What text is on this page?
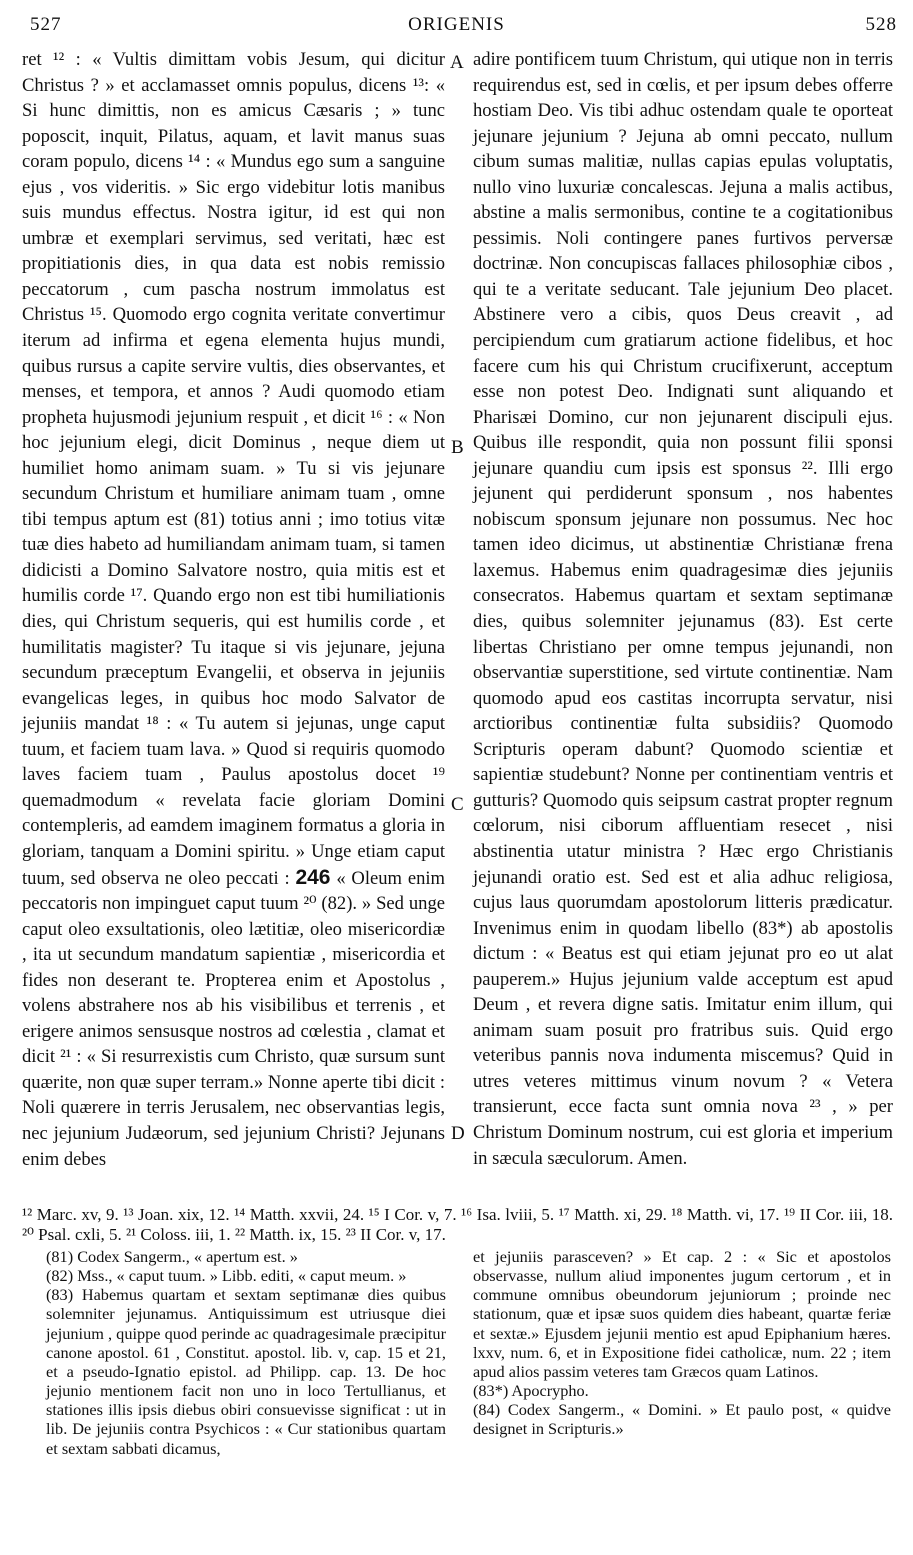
527	ORIGENIS	528

ret ¹² : « Vultis dimittam vobis Jesum, qui dicitur Christus ? » et acclamasset omnis populus, dicens ¹³: « Si hunc dimittis, non es amicus Cæsaris ; » tunc poposcit, inquit, Pilatus, aquam, et lavit manus suas coram populo, dicens ¹⁴ : « Mundus ego sum a sanguine ejus , vos videritis. » Sic ergo videbitur lotis manibus suis mundus effectus. Nostra igitur, id est qui non umbræ et exemplari servimus, sed veritati, hæc est propitiationis dies, in qua data est nobis remissio peccatorum , cum pascha nostrum immolatus est Christus ¹⁵. Quomodo ergo cognita veritate convertimur iterum ad infirma et egena elementa hujus mundi, quibus rursus a capite servire vultis, dies observantes, et menses, et tempora, et annos ? Audi quomodo etiam propheta hujusmodi jejunium respuit , et dicit ¹⁶ : « Non hoc jejunium elegi, dicit Dominus , neque diem ut humiliet homo animam suam. » Tu si vis jejunare secundum Christum et humiliare animam tuam , omne tibi tempus aptum est (81) totius anni ; imo totius vitæ tuæ dies habeto ad humiliandam animam tuam, si tamen didicisti a Domino Salvatore nostro, quia mitis est et humilis corde ¹⁷. Quando ergo non est tibi humiliationis dies, qui Christum sequeris, qui est humilis corde , et humilitatis magister? Tu itaque si vis jejunare, jejuna secundum præceptum Evangelii, et observa in jejuniis evangelicas leges, in quibus hoc modo Salvator de jejuniis mandat ¹⁸ : « Tu autem si jejunas, unge caput tuum, et faciem tuam lava. » Quod si requiris quomodo laves faciem tuam , Paulus apostolus docet ¹⁹ quemadmodum « revelata facie gloriam Domini contempleris, ad eamdem imaginem formatus a gloria in gloriam, tanquam a Domini spiritu. » Unge etiam caput tuum, sed observa ne oleo peccati : 246 « Oleum enim peccatoris non impinguet caput tuum ²⁰ (82). » Sed unge caput oleo exsultationis, oleo lætitiæ, oleo misericordiæ , ita ut secundum mandatum sapientiæ , misericordia et fides non deserant te. Propterea enim et Apostolus , volens abstrahere nos ab his visibilibus et terrenis , et erigere animos sensusque nostros ad cœlestia , clamat et dicit ²¹ : « Si resurrexistis cum Christo, quæ sursum sunt quærite, non quæ super terram.» Nonne aperte tibi dicit : Noli quærere in terris Jerusalem, nec observantias legis, nec jejunium Judæorum, sed jejunium Christi? Jejunans enim debes

A
B
C
D

adire pontificem tuum Christum, qui utique non in terris requirendus est, sed in cœlis, et per ipsum debes offerre hostiam Deo. Vis tibi adhuc ostendam quale te oporteat jejunare jejunium ? Jejuna ab omni peccato, nullum cibum sumas malitiæ, nullas capias epulas voluptatis, nullo vino luxuriæ concalescas. Jejuna a malis actibus, abstine a malis sermonibus, contine te a cogitationibus pessimis. Noli contingere panes furtivos perversæ doctrinæ. Non concupiscas fallaces philosophiæ cibos , qui te a veritate seducant. Tale jejunium Deo placet. Abstinere vero a cibis, quos Deus creavit , ad percipiendum cum gratiarum actione fidelibus, et hoc facere cum his qui Christum crucifixerunt, acceptum esse non potest Deo. Indignati sunt aliquando et Pharisæi Domino, cur non jejunarent discipuli ejus. Quibus ille respondit, quia non possunt filii sponsi jejunare quandiu cum ipsis est sponsus ²². Illi ergo jejunent qui perdiderunt sponsum , nos habentes nobiscum sponsum jejunare non possumus. Nec hoc tamen ideo dicimus, ut abstinentiæ Christianæ frena laxemus. Habemus enim quadragesimæ dies jejuniis consecratos. Habemus quartam et sextam septimanæ dies, quibus solemniter jejunamus (83). Est certe libertas Christiano per omne tempus jejunandi, non observantiæ superstitione, sed virtute continentiæ. Nam quomodo apud eos castitas incorrupta servatur, nisi arctioribus continentiæ fulta subsidiis? Quomodo Scripturis operam dabunt? Quomodo scientiæ et sapientiæ studebunt? Nonne per continentiam ventris et gutturis? Quomodo quis seipsum castrat propter regnum cœlorum, nisi ciborum affluentiam resecet , nisi abstinentia utatur ministra ? Hæc ergo Christianis jejunandi oratio est. Sed est et alia adhuc religiosa, cujus laus quorumdam apostolorum litteris prædicatur. Invenimus enim in quodam libello (83*) ab apostolis dictum : « Beatus est qui etiam jejunat pro eo ut alat pauperem.» Hujus jejunium valde acceptum est apud Deum , et revera digne satis. Imitatur enim illum, qui animam suam posuit pro fratribus suis. Quid ergo veteribus pannis nova indumenta miscemus? Quid in utres veteres mittimus vinum novum ? « Vetera transierunt, ecce facta sunt omnia nova ²³ , » per Christum Dominum nostrum, cui est gloria et imperium in sæcula sæculorum. Amen.

¹² Marc. xv, 9. ¹³ Joan. xix, 12. ¹⁴ Matth. xxvii, 24. ¹⁵ I Cor. v, 7. ¹⁶ Isa. lviii, 5. ¹⁷ Matth. xi, 29. ¹⁸ Matth. vi, 17. ¹⁹ II Cor. iii, 18. ²⁰ Psal. cxli, 5. ²¹ Coloss. iii, 1. ²² Matth. ix, 15. ²³ II Cor. v, 17.

(81) Codex Sangerm., « apertum est. »

(82) Mss., « caput tuum. » Libb. editi, « caput meum. »

(83) Habemus quartam et sextam septimanæ dies quibus solemniter jejunamus. Antiquissimum est utriusque diei jejunium , quippe quod perinde ac quadragesimale præcipitur canone apostol. 61 , Constitut. apostol. lib. v, cap. 15 et 21, et a pseudo-Ignatio epistol. ad Philipp. cap. 13. De hoc jejunio mentionem facit non uno in loco Tertullianus, et stationes illis ipsis diebus obiri consuevisse significat : ut in lib. De jejuniis contra Psychicos : « Cur stationibus quartam et sextam sabbati dicamus,

et jejuniis parasceven? » Et cap. 2 : « Sic et apostolos observasse, nullum aliud imponentes jugum certorum , et in commune omnibus obeundorum jejuniorum ; proinde nec stationum, quæ et ipsæ suos quidem dies habeant, quartæ feriæ et sextæ.» Ejusdem jejunii mentio est apud Epiphanium hæres. lxxv, num. 6, et in Expositione fidei catholicæ, num. 22 ; item apud alios passim veteres tam Græcos quam Latinos.

(83*) Apocrypho.

(84) Codex Sangerm., « Domini. » Et paulo post, « quidve designet in Scripturis.»
